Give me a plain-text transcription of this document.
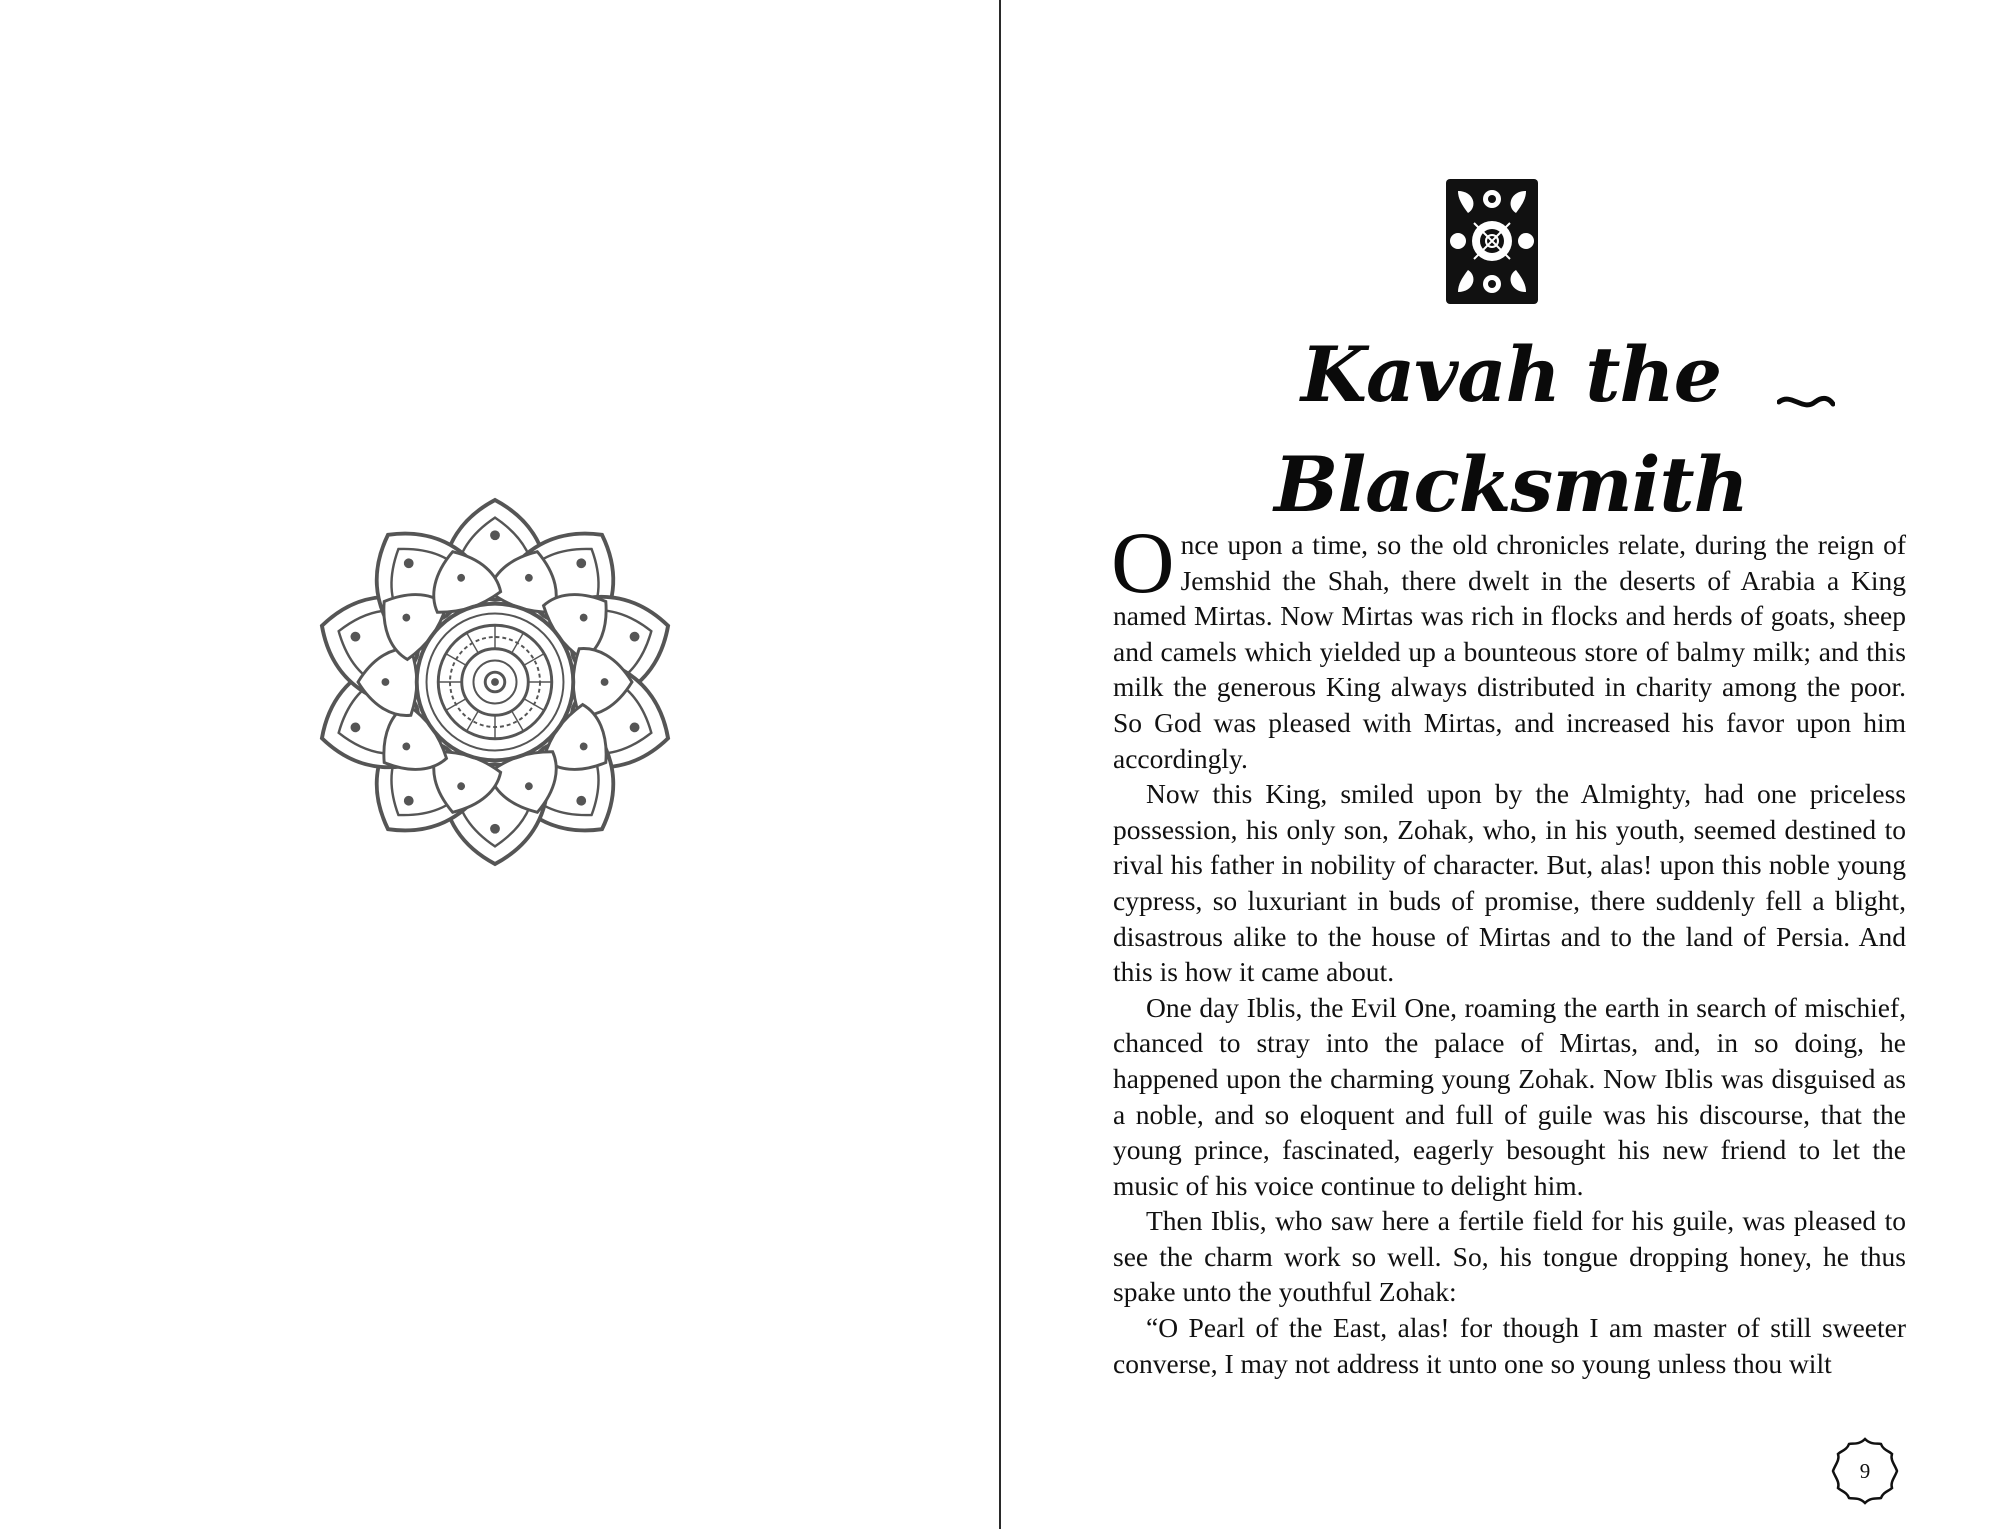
Kavah the Blacksmith

Once upon a time, so the old chronicles relate, during the reign of Jemshid the Shah, there dwelt in the deserts of Arabia a King named Mirtas. Now Mirtas was rich in flocks and herds of goats, sheep and camels which yielded up a bounteous store of balmy milk; and this milk the generous King always distributed in charity among the poor. So God was pleased with Mirtas, and increased his favor upon him accordingly.

Now this King, smiled upon by the Almighty, had one priceless possession, his only son, Zohak, who, in his youth, seemed destined to rival his father in nobility of character. But, alas! upon this noble young cypress, so luxuriant in buds of promise, there suddenly fell a blight, disastrous alike to the house of Mirtas and to the land of Persia. And this is how it came about.

One day Iblis, the Evil One, roaming the earth in search of mischief, chanced to stray into the palace of Mirtas, and, in so doing, he happened upon the charming young Zohak. Now Iblis was disguised as a noble, and so eloquent and full of guile was his discourse, that the young prince, fascinated, eagerly besought his new friend to let the music of his voice continue to delight him.

Then Iblis, who saw here a fertile field for his guile, was pleased to see the charm work so well. So, his tongue dropping honey, he thus spake unto the youthful Zohak:

“O Pearl of the East, alas! for though I am master of still sweeter converse, I may not address it unto one so young unless thou wilt

9
